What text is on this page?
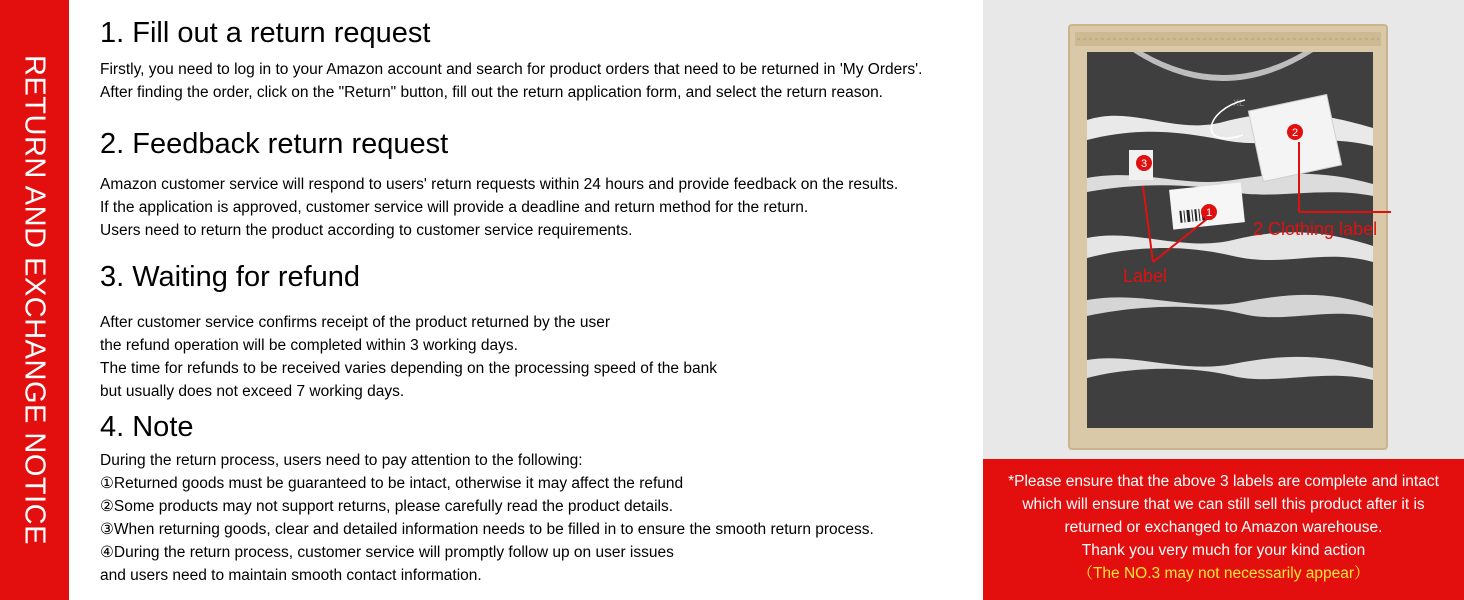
RETURN AND EXCHANGE NOTICE
1. Fill out a return request
Firstly, you need to log in to your Amazon account and search for product orders that need to be returned in 'My Orders'.
After finding the order, click on the "Return" button, fill out the return application form, and select the return reason.
2. Feedback return request
Amazon customer service will respond to users' return requests within 24 hours and provide feedback on the results.
If the application is approved, customer service will provide a deadline and return method for the return.
Users need to return the product according to customer service requirements.
3. Waiting for refund
After customer service confirms receipt of the product returned by the user
the refund operation will be completed within 3 working days.
The time for refunds to be received varies depending on the processing speed of the bank
but usually does not exceed 7 working days.
4. Note
During the return process, users need to pay attention to the following:
①Returned goods must be guaranteed to be intact, otherwise it may affect the refund
②Some products may not support returns, please carefully read the product details.
③When returning goods, clear and detailed information needs to be filled in to ensure the smooth return process.
④During the return process, customer service will promptly follow up on user issues
and users need to maintain smooth contact information.
XL
2
1
3
2 Clothing label
Label
*Please ensure that the above 3 labels are complete and intact
which will ensure that we can still sell this product after it is
returned or exchanged to Amazon warehouse.
Thank you very much for your kind action
（The NO.3 may not necessarily appear）
